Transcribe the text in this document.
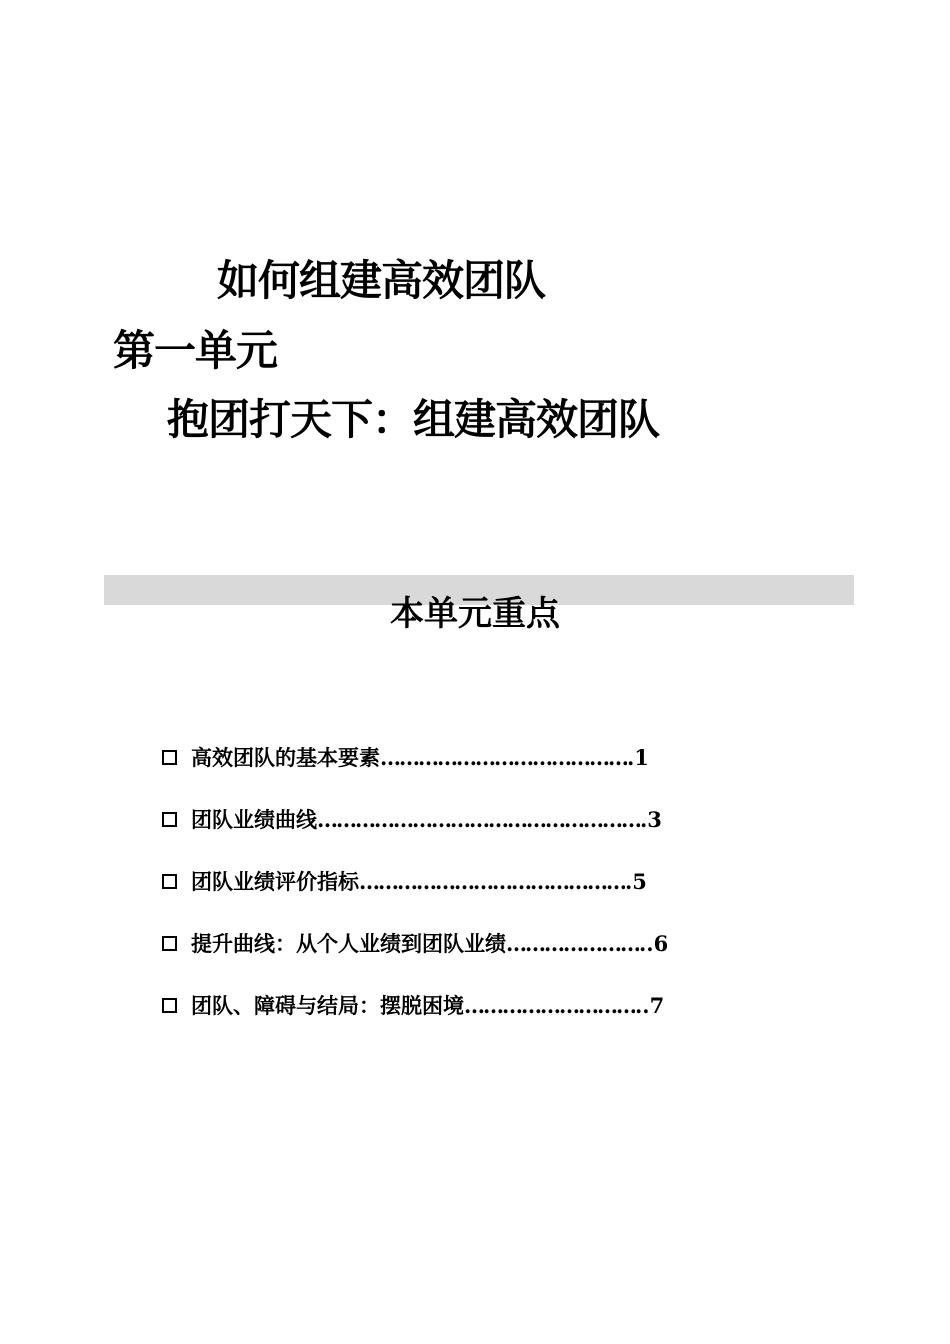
如何组建高效团队
第一单元
抱团打天下：组建高效团队
本单元重点
高效团队的基本要素 ………………………………… .1
团队业绩曲线 …………………………………………… .3
团队业绩评价指标 …………………………………… .5
提升曲线：从个人业绩到团队业绩 ………………… ..6
团队、障碍与结局：摆脱困境 ……………………… ..7
